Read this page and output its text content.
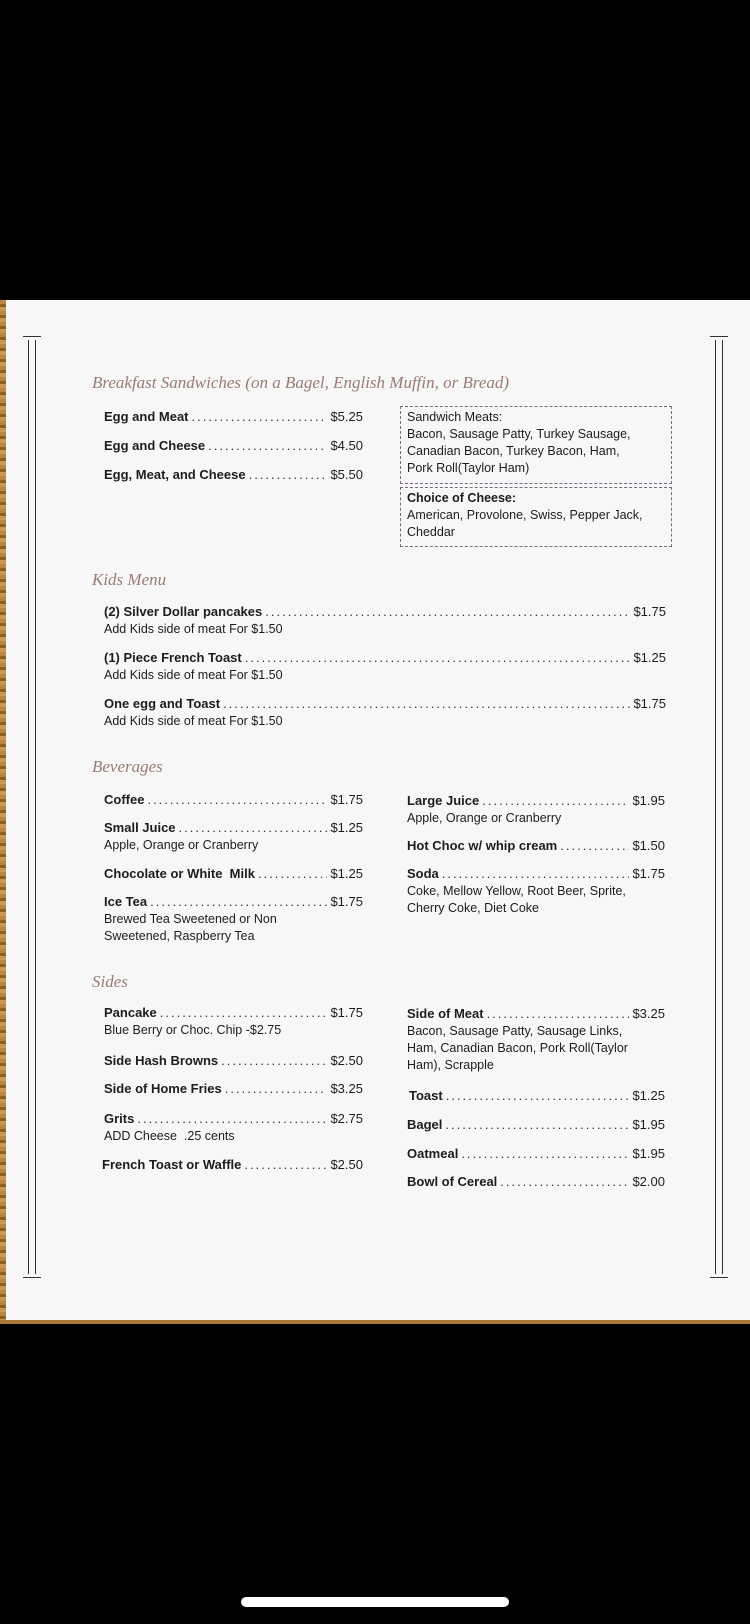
Breakfast Sandwiches (on a Bagel, English Muffin, or Bread)
Egg and Meat .....	$5.25
Egg and Cheese .....	$4.50
Egg, Meat, and Cheese .....	$5.50
Sandwich Meats:
Bacon, Sausage Patty, Turkey Sausage,
Canadian Bacon, Turkey Bacon, Ham,
Pork Roll(Taylor Ham)
Choice of Cheese:
American, Provolone, Swiss, Pepper Jack,
Cheddar
Kids Menu
(2) Silver Dollar pancakes .....	$1.75
Add Kids side of meat For $1.50
(1) Piece French Toast .....	$1.25
Add Kids side of meat For $1.50
One egg and Toast .....	$1.75
Add Kids side of meat For $1.50
Beverages
Coffee .....	$1.75
Small Juice .....	$1.25
Apple, Orange or Cranberry
Chocolate or White  Milk .....	$1.25
Ice Tea .....	$1.75
Brewed Tea Sweetened or Non
Sweetened, Raspberry Tea
Large Juice .....	$1.95
Apple, Orange or Cranberry
Hot Choc w/ whip cream .....	$1.50
Soda .....	$1.75
Coke, Mellow Yellow, Root Beer, Sprite,
Cherry Coke, Diet Coke
Sides
Pancake .....	$1.75
Blue Berry or Choc. Chip -$2.75
Side Hash Browns .....	$2.50
Side of Home Fries .....	$3.25
Grits .....	$2.75
ADD Cheese  .25 cents
French Toast or Waffle .....	$2.50
Side of Meat .....	$3.25
Bacon, Sausage Patty, Sausage Links,
Ham, Canadian Bacon, Pork Roll(Taylor
Ham), Scrapple
Toast .....	$1.25
Bagel .....	$1.95
Oatmeal .....	$1.95
Bowl of Cereal .....	$2.00
